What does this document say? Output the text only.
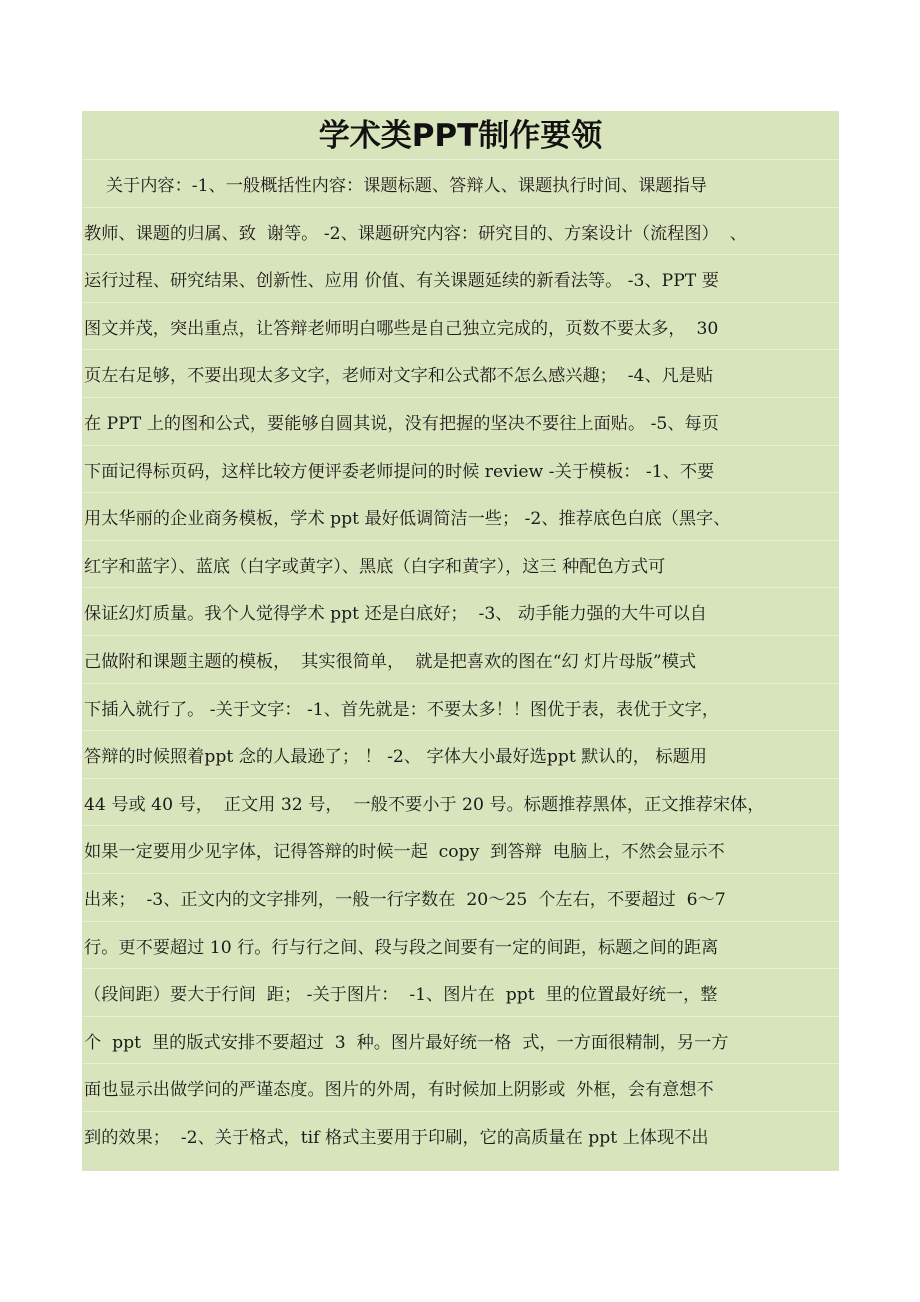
学术类PPT制作要领
关于内容：-1、一般概括性内容：课题标题、答辩人、课题执行时间、课题指导
教师、课题的归属、致  谢等。 -2、课题研究内容：研究目的、方案设计（流程图）  、
运行过程、研究结果、创新性、应用 价值、有关课题延续的新看法等。 -3、PPT 要
图文并茂，突出重点，让答辩老师明白哪些是自己独立完成的，页数不要太多，  30
页左右足够，不要出现太多文字，老师对文字和公式都不怎么感兴趣；  -4、凡是贴
在 PPT 上的图和公式，要能够自圆其说，没有把握的坚决不要往上面贴。 -5、每页
下面记得标页码，这样比较方便评委老师提问的时候 review -关于模板： -1、不要
用太华丽的企业商务模板，学术 ppt 最好低调简洁一些； -2、推荐底色白底（黑字、
红字和蓝字）、蓝底（白字或黄字）、黑底（白字和黄字），这三 种配色方式可
保证幻灯质量。我个人觉得学术 ppt 还是白底好；  -3、 动手能力强的大牛可以自
己做附和课题主题的模板，  其实很简单，  就是把喜欢的图在“幻 灯片母版”模式
下插入就行了。 -关于文字： -1、首先就是：不要太多！！图优于表，表优于文字，
答辩的时候照着ppt 念的人最逊了； ！ -2、 字体大小最好选ppt 默认的， 标题用
44 号或 40 号，  正文用 32 号，  一般不要小于 20 号。标题推荐黑体，正文推荐宋体，
如果一定要用少见字体，记得答辩的时候一起  copy  到答辩  电脑上，不然会显示不
出来；  -3、正文内的文字排列，一般一行字数在  20～25  个左右，不要超过  6～7
行。更不要超过 10 行。行与行之间、段与段之间要有一定的间距，标题之间的距离
（段间距）要大于行间  距； -关于图片：  -1、图片在  ppt  里的位置最好统一，整
个  ppt  里的版式安排不要超过  3  种。图片最好统一格  式，一方面很精制，另一方
面也显示出做学问的严谨态度。图片的外周，有时候加上阴影或  外框，会有意想不
到的效果；  -2、关于格式，tif 格式主要用于印刷，它的高质量在 ppt 上体现不出
